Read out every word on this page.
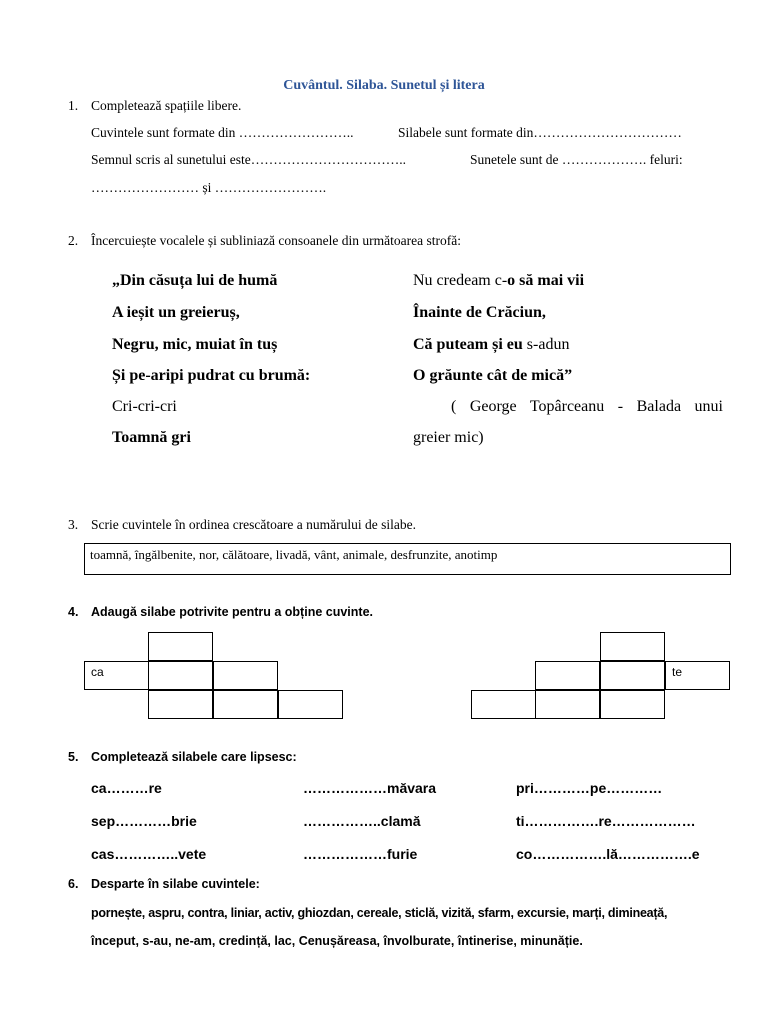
Cuvântul. Silaba. Sunetul și litera
1. Completează spațiile libere.
Cuvintele sunt formate din ……………………..	Silabele sunt formate din……………………………
Semnul scris al sunetului este……………………………..	Sunetele sunt de ………………. feluri:
…………………… și …………………….
2. Încercuiește vocalele și subliniază consoanele din următoarea strofă:
„Din căsuța lui de humă
A ieșit un greieruș,
Negru, mic, muiat în tuș
Și pe-aripi pudrat cu brumă:
Cri-cri-cri
Toamnă gri
Nu credeam c-o să mai vii
Înainte de Crăciun,
Că puteam și eu s-adun
O grăunte cât de mică”
( George Topârceanu - Balada unui
greier mic)
3. Scrie cuvintele în ordinea crescătoare a numărului de silabe.
toamnă, îngălbenite, nor, călătoare, livadă, vânt, animale, desfrunzite, anotimp
4. Adaugă silabe potrivite pentru a obține cuvinte.
ca	te
5. Completează silabele care lipsesc:
ca………re	………………măvara	pri…………pe…………
sep…………brie	……………..clamă	ti…………….re………………
cas…………..vete	………………furie	co…………….lă…………….e
6. Desparte în silabe cuvintele:
pornește, aspru, contra, liniar, activ, ghiozdan, cereale, sticlă, vizită, sfarm, excursie, marți, dimineață,
început, s-au, ne-am, credință, lac, Cenușăreasa, învolburate, întinerise, minunăție.
